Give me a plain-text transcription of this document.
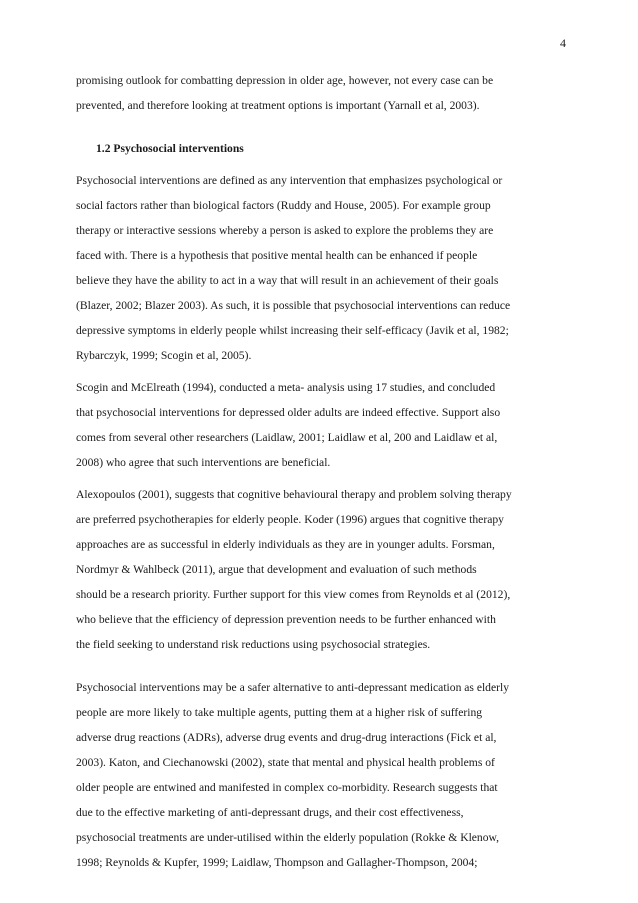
4

promising outlook for combatting depression in older age, however, not every case can be
prevented, and therefore looking at treatment options is important (Yarnall et al, 2003).

1.2 Psychosocial interventions

Psychosocial interventions are defined as any intervention that emphasizes psychological or
social factors rather than biological factors (Ruddy and House, 2005). For example group
therapy or interactive sessions whereby a person is asked to explore the problems they are
faced with. There is a hypothesis that positive mental health can be enhanced if people
believe they have the ability to act in a way that will result in an achievement of their goals
(Blazer, 2002; Blazer 2003). As such, it is possible that psychosocial interventions can reduce
depressive symptoms in elderly people whilst increasing their self-efficacy (Javik et al, 1982;
Rybarczyk, 1999; Scogin et al, 2005).

Scogin and McElreath (1994), conducted a meta- analysis using 17 studies, and concluded
that psychosocial interventions for depressed older adults are indeed effective. Support also
comes from several other researchers (Laidlaw, 2001; Laidlaw et al, 200 and Laidlaw et al,
2008) who agree that such interventions are beneficial.

Alexopoulos (2001), suggests that cognitive behavioural therapy and problem solving therapy
are preferred psychotherapies for elderly people. Koder (1996) argues that cognitive therapy
approaches are as successful in elderly individuals as they are in younger adults. Forsman,
Nordmyr & Wahlbeck (2011), argue that development and evaluation of such methods
should be a research priority. Further support for this view comes from Reynolds et al (2012),
who believe that the efficiency of depression prevention needs to be further enhanced with
the field seeking to understand risk reductions using psychosocial strategies.

Psychosocial interventions may be a safer alternative to anti-depressant medication as elderly
people are more likely to take multiple agents, putting them at a higher risk of suffering
adverse drug reactions (ADRs), adverse drug events and drug-drug interactions (Fick et al,
2003). Katon, and Ciechanowski (2002), state that mental and physical health problems of
older people are entwined and manifested in complex co-morbidity. Research suggests that
due to the effective marketing of anti-depressant drugs, and their cost effectiveness,
psychosocial treatments are under-utilised within the elderly population (Rokke & Klenow,
1998; Reynolds & Kupfer, 1999; Laidlaw, Thompson and Gallagher-Thompson, 2004;
